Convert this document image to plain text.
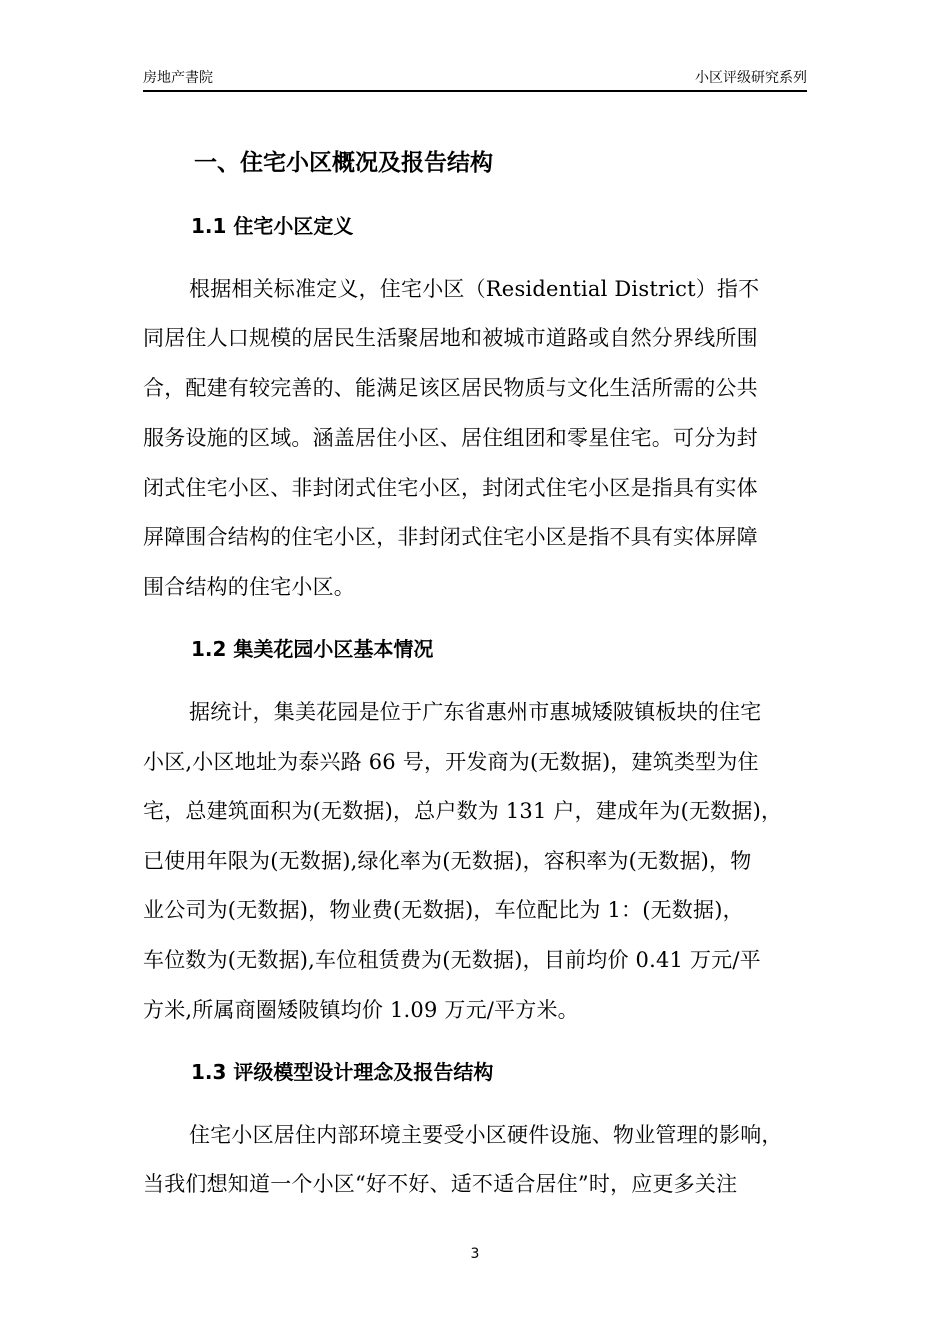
房地产書院	小区评级研究系列
一、住宅小区概况及报告结构
1.1 住宅小区定义
根据相关标准定义，住宅小区（Residential District）指不
同居住人口规模的居民生活聚居地和被城市道路或自然分界线所围
合，配建有较完善的、能满足该区居民物质与文化生活所需的公共
服务设施的区域。涵盖居住小区、居住组团和零星住宅。可分为封
闭式住宅小区、非封闭式住宅小区，封闭式住宅小区是指具有实体
屏障围合结构的住宅小区，非封闭式住宅小区是指不具有实体屏障
围合结构的住宅小区。
1.2 集美花园小区基本情况
据统计，集美花园是位于广东省惠州市惠城矮陂镇板块的住宅
小区,小区地址为泰兴路 66 号，开发商为(无数据)，建筑类型为住
宅，总建筑面积为(无数据)，总户数为 131 户，建成年为(无数据)，
已使用年限为(无数据),绿化率为(无数据)，容积率为(无数据)，物
业公司为(无数据)，物业费(无数据)，车位配比为 1：(无数据)，
车位数为(无数据),车位租赁费为(无数据)，目前均价 0.41 万元/平
方米,所属商圈矮陂镇均价 1.09 万元/平方米。
1.3 评级模型设计理念及报告结构
住宅小区居住内部环境主要受小区硬件设施、物业管理的影响，
当我们想知道一个小区“好不好、适不适合居住”时，应更多关注
3
